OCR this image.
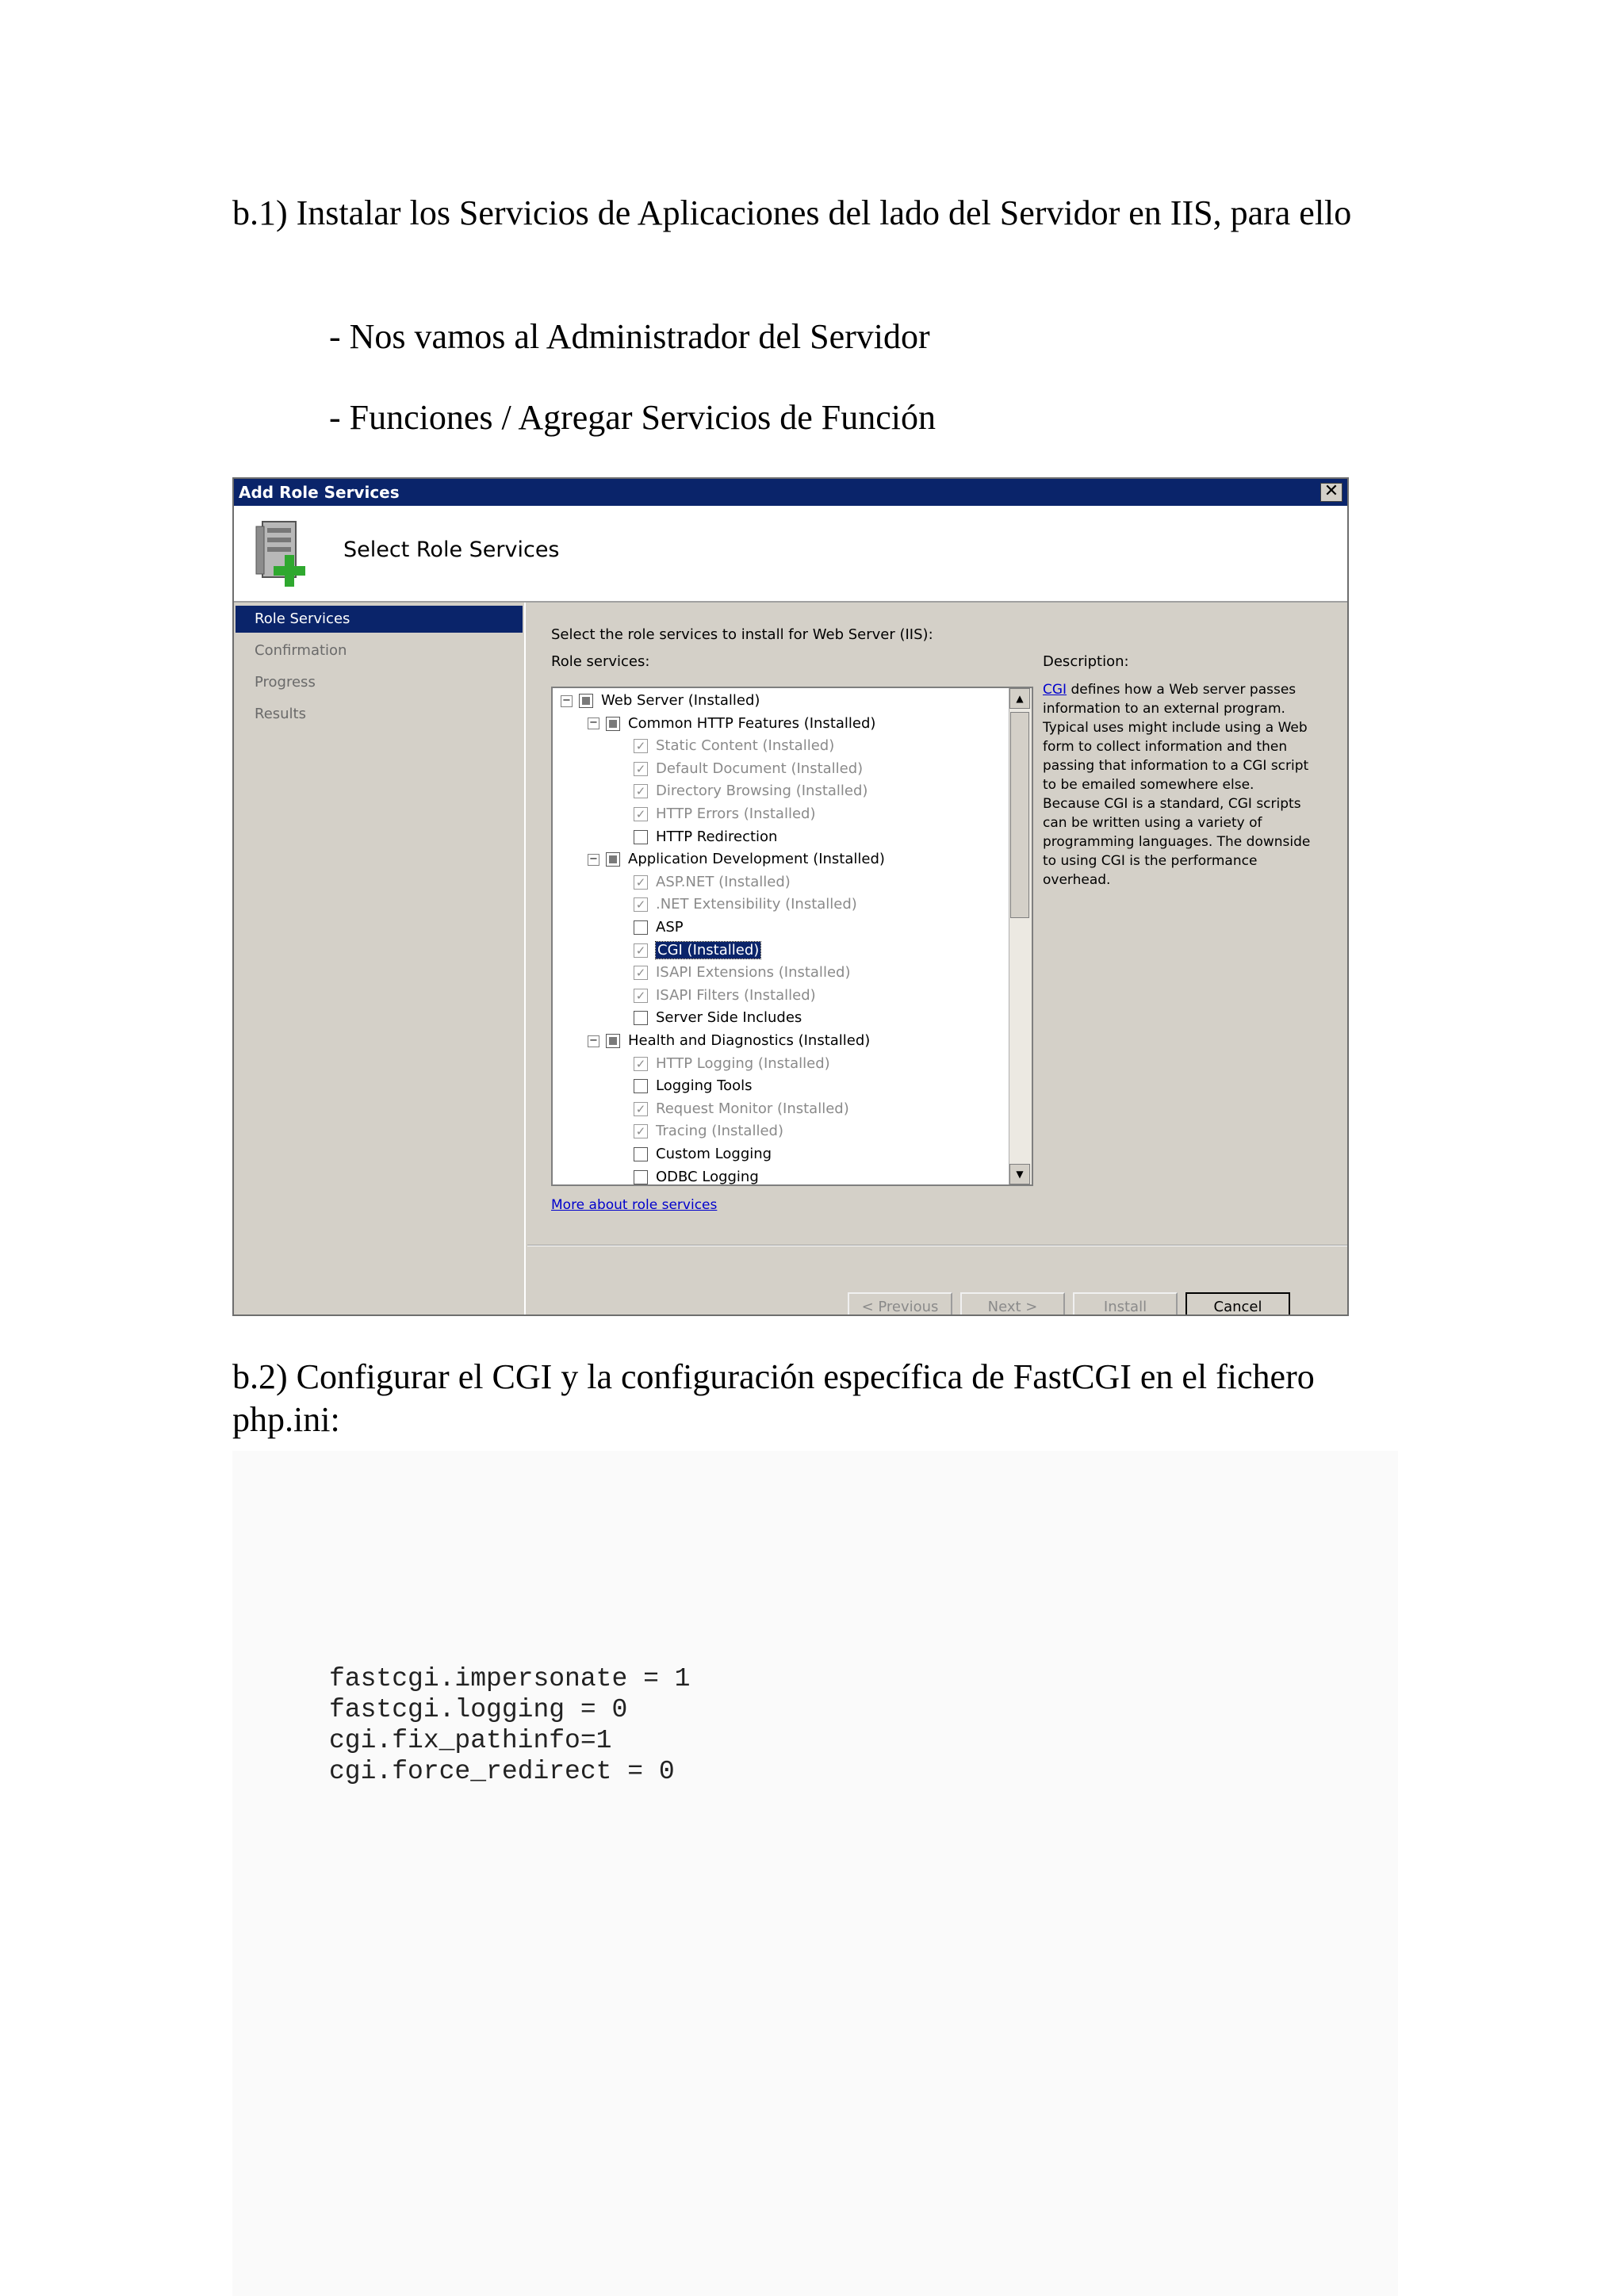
b.1) Instalar los Servicios de Aplicaciones del lado del Servidor en IIS, para ello

- Nos vamos al Administrador del Servidor

- Funciones / Agregar Servicios de Función

Add Role Services	✕
Select Role Services
Role Services
Confirmation
Progress
Results
Select the role services to install for Web Server (IIS):
Role services:	Description:
CGI defines how a Web server passes information to an external program. Typical uses might include using a Web form to collect information and then passing that information to a CGI script to be emailed somewhere else. Because CGI is a standard, CGI scripts can be written using a variety of programming languages. The downside to using CGI is the performance overhead.
▲
▼
− Web Server (Installed)
− Common HTTP Features (Installed)
✓ Static Content (Installed)
✓ Default Document (Installed)
✓ Directory Browsing (Installed)
✓ HTTP Errors (Installed)
HTTP Redirection
− Application Development (Installed)
✓ ASP.NET (Installed)
✓ .NET Extensibility (Installed)
ASP
✓ CGI (Installed)
✓ ISAPI Extensions (Installed)
✓ ISAPI Filters (Installed)
Server Side Includes
− Health and Diagnostics (Installed)
✓ HTTP Logging (Installed)
Logging Tools
✓ Request Monitor (Installed)
✓ Tracing (Installed)
Custom Logging
ODBC Logging
More about role services
< Previous	Next >	Install	Cancel

b.2) Configurar el CGI y la configuración específica de FastCGI en el fichero php.ini:

fastcgi.impersonate = 1
fastcgi.logging = 0
cgi.fix_pathinfo=1
cgi.force_redirect = 0
